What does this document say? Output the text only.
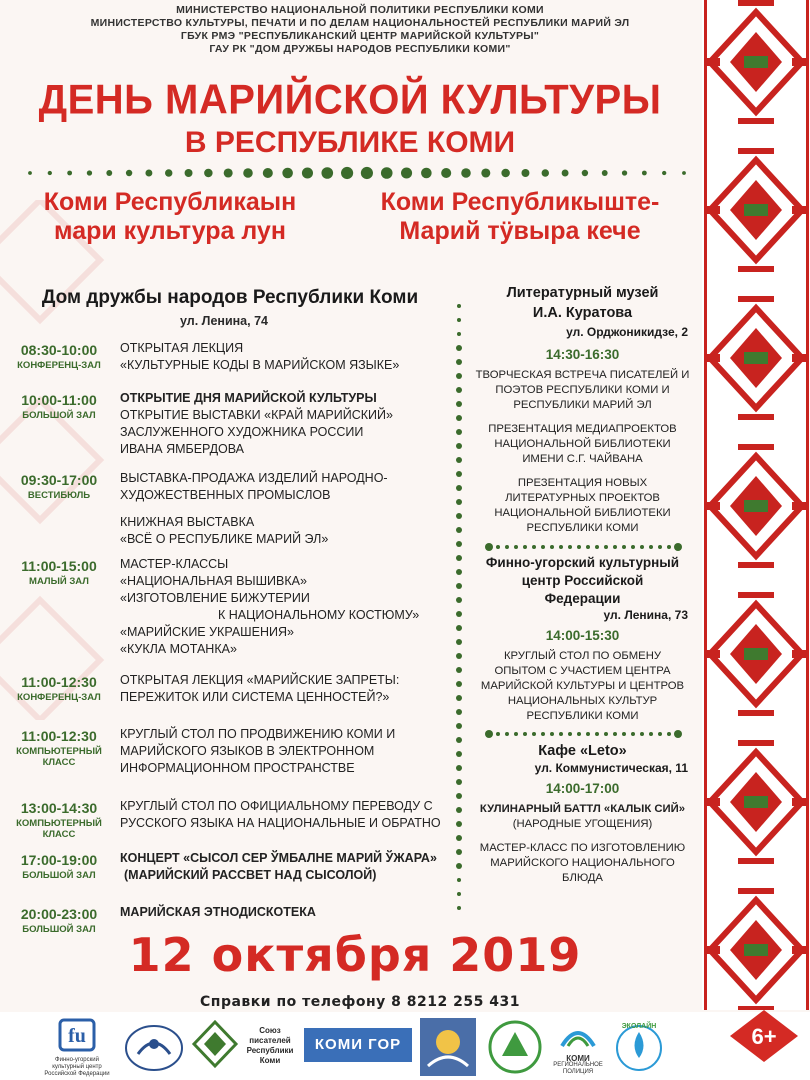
МИНИСТЕРСТВО НАЦИОНАЛЬНОЙ ПОЛИТИКИ РЕСПУБЛИКИ КОМИ
МИНИСТЕРСТВО КУЛЬТУРЫ, ПЕЧАТИ И ПО ДЕЛАМ НАЦИОНАЛЬНОСТЕЙ РЕСПУБЛИКИ МАРИЙ ЭЛ
ГБУК РМЭ "РЕСПУБЛИКАНСКИЙ ЦЕНТР МАРИЙСКОЙ КУЛЬТУРЫ"
ГАУ РК "ДОМ ДРУЖБЫ НАРОДОВ РЕСПУБЛИКИ КОМИ"
ДЕНЬ МАРИЙСКОЙ КУЛЬТУРЫ
В РЕСПУБЛИКЕ КОМИ
Коми Республикаын
мари культура лун
Коми Республикыште-
Марий тӱвыра кече
Дом дружбы народов Республики Коми
ул. Ленина, 74
08:30-10:00
КОНФЕРЕНЦ-ЗАЛ
ОТКРЫТАЯ ЛЕКЦИЯ
«КУЛЬТУРНЫЕ КОДЫ В МАРИЙСКОМ ЯЗЫКЕ»
10:00-11:00
БОЛЬШОЙ ЗАЛ
ОТКРЫТИЕ ДНЯ МАРИЙСКОЙ КУЛЬТУРЫ
ОТКРЫТИЕ ВЫСТАВКИ «КРАЙ МАРИЙСКИЙ»
ЗАСЛУЖЕННОГО ХУДОЖНИКА РОССИИ
ИВАНА ЯМБЕРДОВА
09:30-17:00
ВЕСТИБЮЛЬ
ВЫСТАВКА-ПРОДАЖА ИЗДЕЛИЙ НАРОДНО-
ХУДОЖЕСТВЕННЫХ ПРОМЫСЛОВ
КНИЖНАЯ ВЫСТАВКА
«ВСЁ О РЕСПУБЛИКЕ МАРИЙ ЭЛ»
11:00-15:00
МАЛЫЙ ЗАЛ
МАСТЕР-КЛАССЫ
«НАЦИОНАЛЬНАЯ ВЫШИВКА»
«ИЗГОТОВЛЕНИЕ БИЖУТЕРИИ
К НАЦИОНАЛЬНОМУ КОСТЮМУ»
«МАРИЙСКИЕ УКРАШЕНИЯ»
«КУКЛА МОТАНКА»
11:00-12:30
КОНФЕРЕНЦ-ЗАЛ
ОТКРЫТАЯ ЛЕКЦИЯ «МАРИЙСКИЕ ЗАПРЕТЫ:
ПЕРЕЖИТОК ИЛИ СИСТЕМА ЦЕННОСТЕЙ?»
11:00-12:30
КОМПЬЮТЕРНЫЙ
КЛАСС
КРУГЛЫЙ СТОЛ ПО ПРОДВИЖЕНИЮ КОМИ И
МАРИЙСКОГО ЯЗЫКОВ В ЭЛЕКТРОННОМ
ИНФОРМАЦИОННОМ ПРОСТРАНСТВЕ
13:00-14:30
КОМПЬЮТЕРНЫЙ
КЛАСС
КРУГЛЫЙ СТОЛ ПО ОФИЦИАЛЬНОМУ ПЕРЕВОДУ С
РУССКОГО ЯЗЫКА НА НАЦИОНАЛЬНЫЕ И ОБРАТНО
17:00-19:00
БОЛЬШОЙ ЗАЛ
КОНЦЕРТ «СЫСОЛ СЕР ЎМБАЛНЕ МАРИЙ ЎЖАРА»
(МАРИЙСКИЙ РАССВЕТ НАД СЫСОЛОЙ)
20:00-23:00
БОЛЬШОЙ ЗАЛ
МАРИЙСКАЯ ЭТНОДИСКОТЕКА
Литературный музей
И.А. Куратова
ул. Орджоникидзе, 2
14:30-16:30
ТВОРЧЕСКАЯ ВСТРЕЧА ПИСАТЕЛЕЙ И
ПОЭТОВ РЕСПУБЛИКИ КОМИ И
РЕСПУБЛИКИ МАРИЙ ЭЛ
ПРЕЗЕНТАЦИЯ МЕДИАПРОЕКТОВ
НАЦИОНАЛЬНОЙ БИБЛИОТЕКИ
ИМЕНИ С.Г. ЧАЙВАНА
ПРЕЗЕНТАЦИЯ НОВЫХ
ЛИТЕРАТУРНЫХ ПРОЕКТОВ
НАЦИОНАЛЬНОЙ БИБЛИОТЕКИ
РЕСПУБЛИКИ КОМИ
Финно-угорский культурный
центр Российской
Федерации
ул. Ленина, 73
14:00-15:30
КРУГЛЫЙ СТОЛ ПО ОБМЕНУ
ОПЫТОМ С УЧАСТИЕМ ЦЕНТРА
МАРИЙСКОЙ КУЛЬТУРЫ И ЦЕНТРОВ
НАЦИОНАЛЬНЫХ КУЛЬТУР
РЕСПУБЛИКИ КОМИ
Кафе «Leto»
ул. Коммунистическая, 11
14:00-17:00
КУЛИНАРНЫЙ БАТТЛ «КАЛЫК СИЙ»
(НАРОДНЫЕ УГОЩЕНИЯ)
МАСТЕР-КЛАСС ПО ИЗГОТОВЛЕНИЮ
МАРИЙСКОГО НАЦИОНАЛЬНОГО
БЛЮДА
12 октября 2019
Справки по телефону 8 8212 255 431
fu
Финно-угорский
культурный центр
Российской Федерации
Союз
писателей
Республики
Коми
КОМИ ГОР
КОМИ
РЕГИОНАЛЬНОЕ
ПОЛИЦИЯ
ЭКОЛАЙН	6+
